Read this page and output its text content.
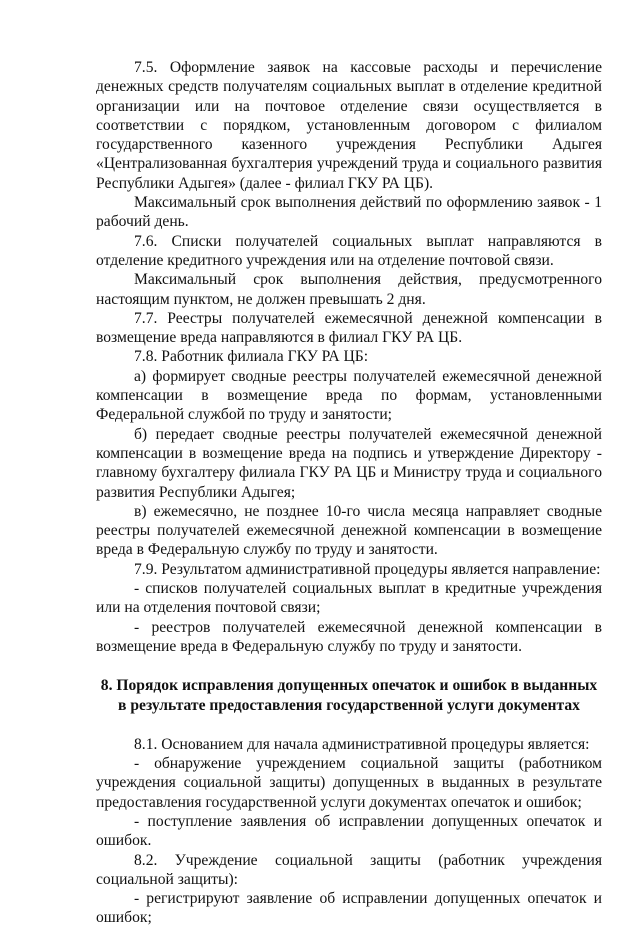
7.5. Оформление заявок на кассовые расходы и перечисление денежных средств получателям социальных выплат в отделение кредитной организации или на почтовое отделение связи осуществляется в соответствии с порядком, установленным договором с филиалом государственного казенного учреждения Республики Адыгея «Централизованная бухгалтерия учреждений труда и социального развития Республики Адыгея» (далее - филиал ГКУ РА ЦБ).

Максимальный срок выполнения действий по оформлению заявок - 1 рабочий день.

7.6. Списки получателей социальных выплат направляются в отделение кредитного учреждения или на отделение почтовой связи.

Максимальный срок выполнения действия, предусмотренного настоящим пунктом, не должен превышать 2 дня.

7.7. Реестры получателей ежемесячной денежной компенсации в возмещение вреда направляются в филиал ГКУ РА ЦБ.

7.8. Работник филиала ГКУ РА ЦБ:

а) формирует сводные реестры получателей ежемесячной денежной компенсации в возмещение вреда по формам, установленными Федеральной службой по труду и занятости;

б) передает сводные реестры получателей ежемесячной денежной компенсации в возмещение вреда на подпись и утверждение Директору - главному бухгалтеру филиала ГКУ РА ЦБ и Министру труда и социального развития Республики Адыгея;

в) ежемесячно, не позднее 10-го числа месяца направляет сводные реестры получателей ежемесячной денежной компенсации в возмещение вреда в Федеральную службу по труду и занятости.

7.9. Результатом административной процедуры является направление:

- списков получателей социальных выплат в кредитные учреждения или на отделения почтовой связи;

- реестров получателей ежемесячной денежной компенсации в возмещение вреда в Федеральную службу по труду и занятости.

8. Порядок исправления допущенных опечаток и ошибок в выданных в результате предоставления государственной услуги документах

8.1. Основанием для начала административной процедуры является:

- обнаружение учреждением социальной защиты (работником учреждения социальной защиты) допущенных в выданных в результате предоставления государственной услуги документах опечаток и ошибок;

- поступление заявления об исправлении допущенных опечаток и ошибок.

8.2. Учреждение социальной защиты (работник учреждения социальной защиты):

- регистрируют заявление об исправлении допущенных опечаток и ошибок;
